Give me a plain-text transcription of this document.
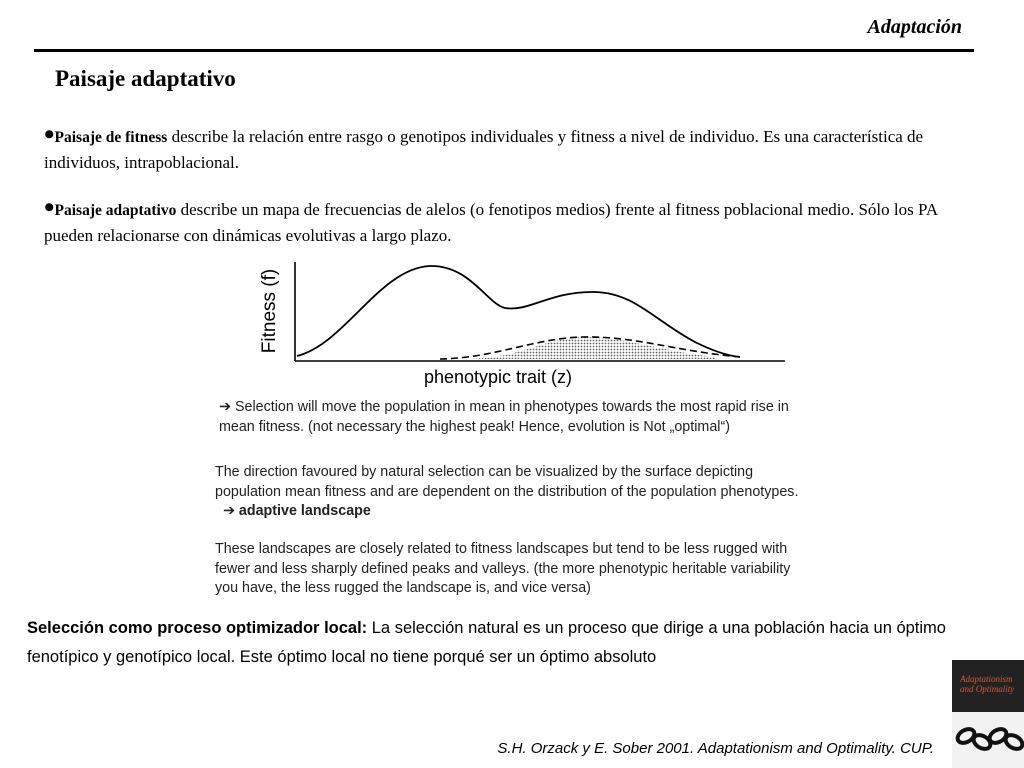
Adaptación
Paisaje adaptativo
•Paisaje de fitness describe la relación entre rasgo o genotipos individuales y fitness a nivel de individuo. Es una característica de individuos, intrapoblacional.
•Paisaje adaptativo describe un mapa de frecuencias de alelos (o fenotipos medios) frente al fitness poblacional medio. Sólo los PA pueden relacionarse con dinámicas evolutivas a largo plazo.
Fitness (f)
phenotypic trait (z)
➔ Selection will move the population in mean in phenotypes towards the most rapid rise in mean fitness. (not necessary the highest peak! Hence, evolution is Not „optimal“)
The direction favoured by natural selection can be visualized by the surface depicting population mean fitness and are dependent on the distribution of the population phenotypes.   ➔ adaptive landscape
These landscapes are closely related to fitness landscapes but tend to be less rugged with fewer and less sharply defined peaks and valleys. (the more phenotypic heritable variability you have, the less rugged the landscape is, and vice versa)
Selección como proceso optimizador local: La selección natural es un proceso que dirige a una población hacia un óptimo fenotípico y genotípico local. Este óptimo local no tiene porqué ser un óptimo absoluto
S.H. Orzack y E. Sober 2001. Adaptationism and Optimality. CUP.
Adaptationism and Optimality
